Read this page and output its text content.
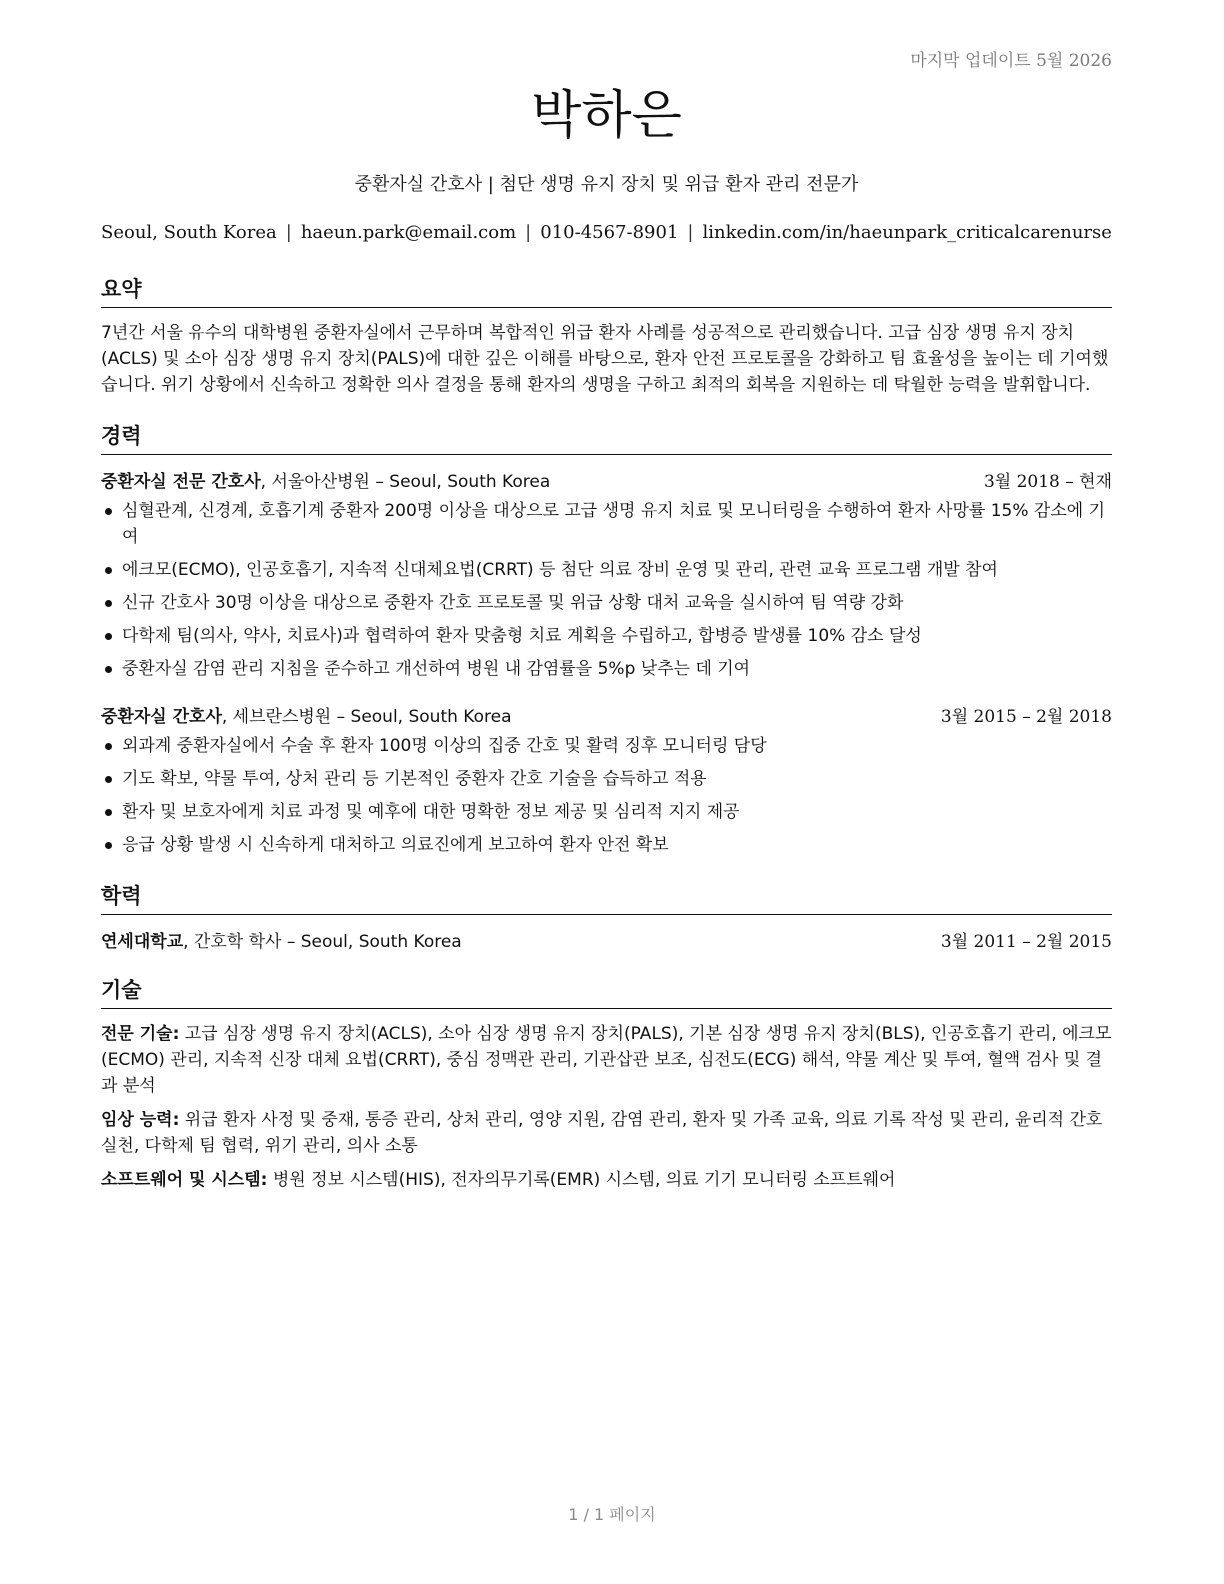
마지막 업데이트 5월 2026
박하은
중환자실 간호사 | 첨단 생명 유지 장치 및 위급 환자 관리 전문가
Seoul, South Korea | haeun.park@email.com | 010-4567-8901 | linkedin.com/in/haeunpark_criticalcarenurse
요약

7년간 서울 유수의 대학병원 중환자실에서 근무하며 복합적인 위급 환자 사례를 성공적으로 관리했습니다. 고급 심장 생명 유지 장치(ACLS) 및 소아 심장 생명 유지 장치(PALS)에 대한 깊은 이해를 바탕으로, 환자 안전 프로토콜을 강화하고 팀 효율성을 높이는 데 기여했습니다. 위기 상황에서 신속하고 정확한 의사 결정을 통해 환자의 생명을 구하고 최적의 회복을 지원하는 데 탁월한 능력을 발휘합니다.

경력
중환자실 전문 간호사, 서울아산병원 – Seoul, South Korea	3월 2018 – 현재
심혈관계, 신경계, 호흡기계 중환자 200명 이상을 대상으로 고급 생명 유지 치료 및 모니터링을 수행하여 환자 사망률 15% 감소에 기여
에크모(ECMO), 인공호흡기, 지속적 신대체요법(CRRT) 등 첨단 의료 장비 운영 및 관리, 관련 교육 프로그램 개발 참여
신규 간호사 30명 이상을 대상으로 중환자 간호 프로토콜 및 위급 상황 대처 교육을 실시하여 팀 역량 강화
다학제 팀(의사, 약사, 치료사)과 협력하여 환자 맞춤형 치료 계획을 수립하고, 합병증 발생률 10% 감소 달성
중환자실 감염 관리 지침을 준수하고 개선하여 병원 내 감염률을 5%p 낮추는 데 기여
중환자실 간호사, 세브란스병원 – Seoul, South Korea	3월 2015 – 2월 2018
외과계 중환자실에서 수술 후 환자 100명 이상의 집중 간호 및 활력 징후 모니터링 담당
기도 확보, 약물 투여, 상처 관리 등 기본적인 중환자 간호 기술을 습득하고 적용
환자 및 보호자에게 치료 과정 및 예후에 대한 명확한 정보 제공 및 심리적 지지 제공
응급 상황 발생 시 신속하게 대처하고 의료진에게 보고하여 환자 안전 확보
학력
연세대학교, 간호학 학사 – Seoul, South Korea	3월 2011 – 2월 2015
기술
전문 기술: 고급 심장 생명 유지 장치(ACLS), 소아 심장 생명 유지 장치(PALS), 기본 심장 생명 유지 장치(BLS), 인공호흡기 관리, 에크모(ECMO) 관리, 지속적 신장 대체 요법(CRRT), 중심 정맥관 관리, 기관삽관 보조, 심전도(ECG) 해석, 약물 계산 및 투여, 혈액 검사 및 결과 분석
임상 능력: 위급 환자 사정 및 중재, 통증 관리, 상처 관리, 영양 지원, 감염 관리, 환자 및 가족 교육, 의료 기록 작성 및 관리, 윤리적 간호 실천, 다학제 팀 협력, 위기 관리, 의사 소통
소프트웨어 및 시스템: 병원 정보 시스템(HIS), 전자의무기록(EMR) 시스템, 의료 기기 모니터링 소프트웨어
1 / 1 페이지
